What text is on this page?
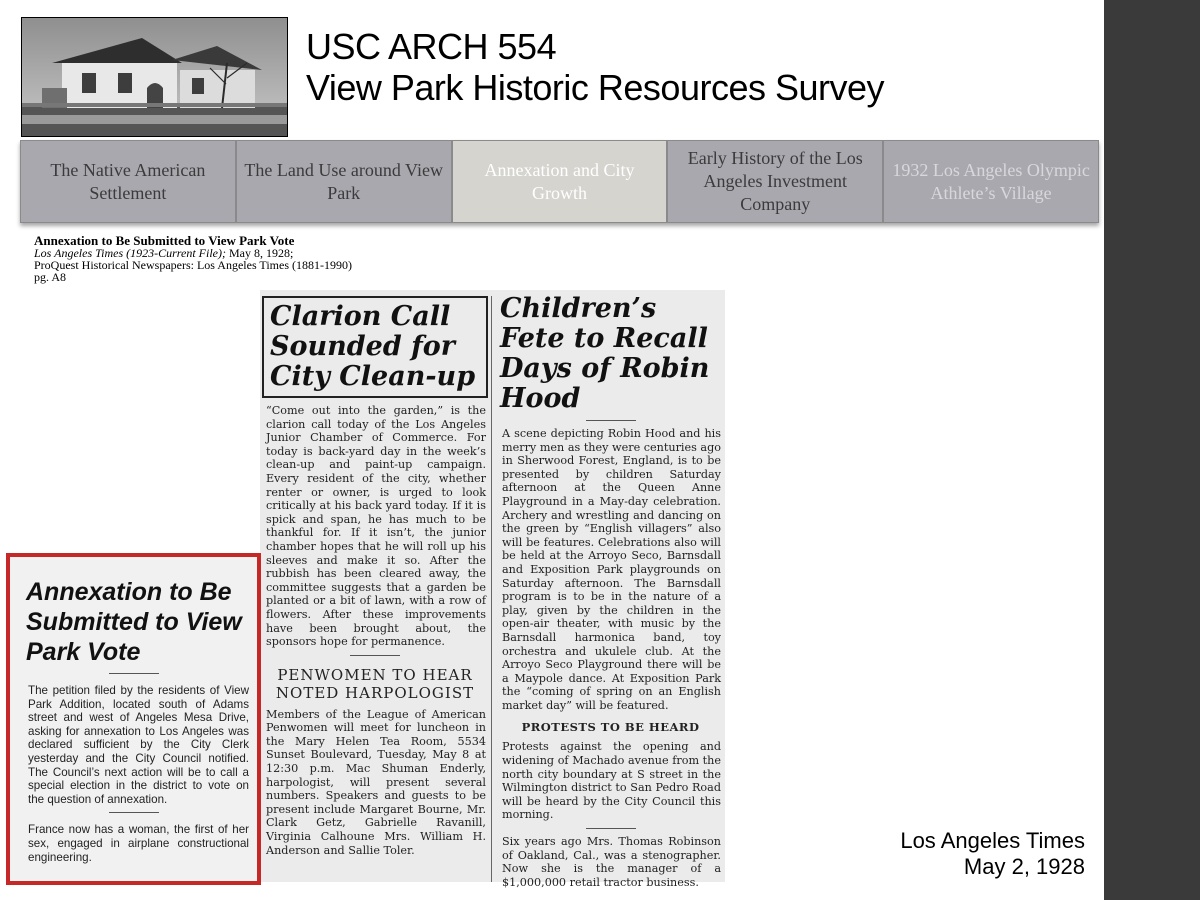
USC ARCH 554
View Park Historic Resources Survey
The Native American Settlement
The Land Use around View Park
Annexation and City Growth
Early History of the Los Angeles Investment Company
1932 Los Angeles Olympic Athlete’s Village
Annexation to Be Submitted to View Park Vote
Los Angeles Times (1923-Current File); May 8, 1928;
ProQuest Historical Newspapers: Los Angeles Times (1881-1990)
pg. A8
Clarion Call Sounded for City Clean-up
“Come out into the garden,” is the clarion call today of the Los Angeles Junior Chamber of Commerce. For today is back-yard day in the week’s clean-up and paint-up campaign. Every resident of the city, whether renter or owner, is urged to look critically at his back yard today. If it is spick and span, he has much to be thankful for. If it isn’t, the junior chamber hopes that he will roll up his sleeves and make it so. After the rubbish has been cleared away, the committee suggests that a garden be planted or a bit of lawn, with a row of flowers. After these improvements have been brought about, the sponsors hope for permanence.
PENWOMEN TO HEAR NOTED HARPOLOGIST
Members of the League of American Penwomen will meet for luncheon in the Mary Helen Tea Room, 5534 Sunset Boulevard, Tuesday, May 8 at 12:30 p.m. Mac Shuman Enderly, harpologist, will present several numbers. Speakers and guests to be present include Margaret Bourne, Mr. Clark Getz, Gabrielle Ravanill, Virginia Calhoune Mrs. William H. Anderson and Sallie Toler.
Children’s Fete to Recall Days of Robin Hood
A scene depicting Robin Hood and his merry men as they were centuries ago in Sherwood Forest, England, is to be presented by children Saturday afternoon at the Queen Anne Playground in a May-day celebration. Archery and wrestling and dancing on the green by “English villagers” also will be features. Celebrations also will be held at the Arroyo Seco, Barnsdall and Exposition Park playgrounds on Saturday afternoon. The Barnsdall program is to be in the nature of a play, given by the children in the open-air theater, with music by the Barnsdall harmonica band, toy orchestra and ukulele club. At the Arroyo Seco Playground there will be a Maypole dance. At Exposition Park the “coming of spring on an English market day” will be featured.
PROTESTS TO BE HEARD
Protests against the opening and widening of Machado avenue from the north city boundary at S street in the Wilmington district to San Pedro Road will be heard by the City Council this morning.
Six years ago Mrs. Thomas Robinson of Oakland, Cal., was a stenographer. Now she is the manager of a $1,000,000 retail tractor business.
Annexation to Be Submitted to View Park Vote
The petition filed by the residents of View Park Addition, located south of Adams street and west of Angeles Mesa Drive, asking for annexation to Los Angeles was declared sufficient by the City Clerk yesterday and the City Council notified. The Council’s next action will be to call a special election in the district to vote on the question of annexation.
France now has a woman, the first of her sex, engaged in airplane constructional engineering.
Los Angeles Times
May 2, 1928
